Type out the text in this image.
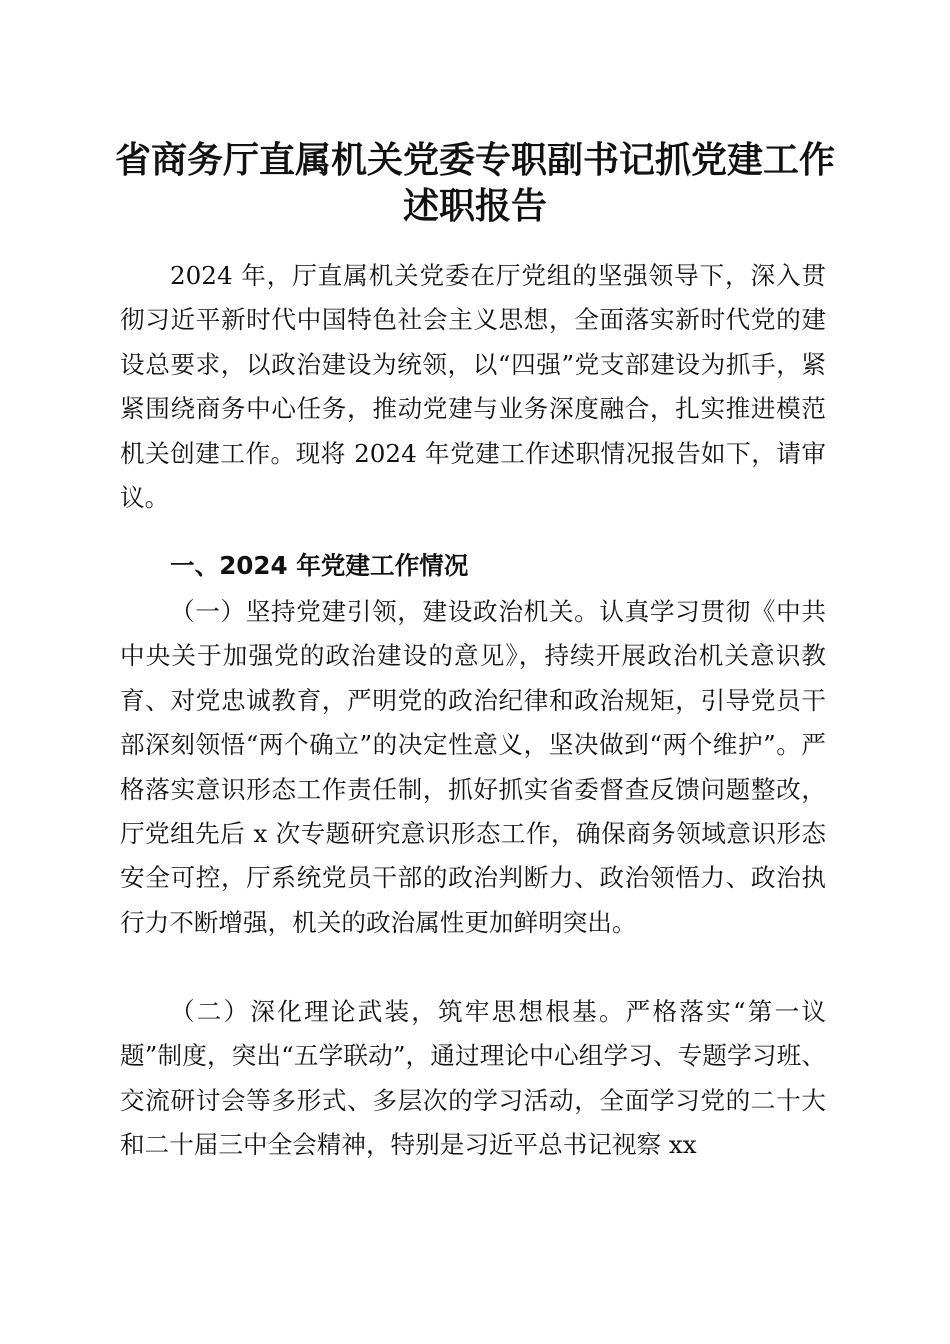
省商务厅直属机关党委专职副书记抓党建工作
述职报告

2024 年，厅直属机关党委在厅党组的坚强领导下，深入贯彻习近平新时代中国特色社会主义思想，全面落实新时代党的建设总要求，以政治建设为统领，以“四强”党支部建设为抓手，紧紧围绕商务中心任务，推动党建与业务深度融合，扎实推进模范机关创建工作。现将 2024 年党建工作述职情况报告如下，请审议。

一、2024 年党建工作情况

（一）坚持党建引领，建设政治机关。认真学习贯彻《中共中央关于加强党的政治建设的意见》，持续开展政治机关意识教育、对党忠诚教育，严明党的政治纪律和政治规矩，引导党员干部深刻领悟“两个确立”的决定性意义，坚决做到“两个维护”。严格落实意识形态工作责任制，抓好抓实省委督查反馈问题整改，厅党组先后 x 次专题研究意识形态工作，确保商务领域意识形态安全可控，厅系统党员干部的政治判断力、政治领悟力、政治执行力不断增强，机关的政治属性更加鲜明突出。

（二）深化理论武装，筑牢思想根基。严格落实“第一议题”制度，突出“五学联动”，通过理论中心组学习、专题学习班、交流研讨会等多形式、多层次的学习活动，全面学习党的二十大和二十届三中全会精神，特别是习近平总书记视察 xx
